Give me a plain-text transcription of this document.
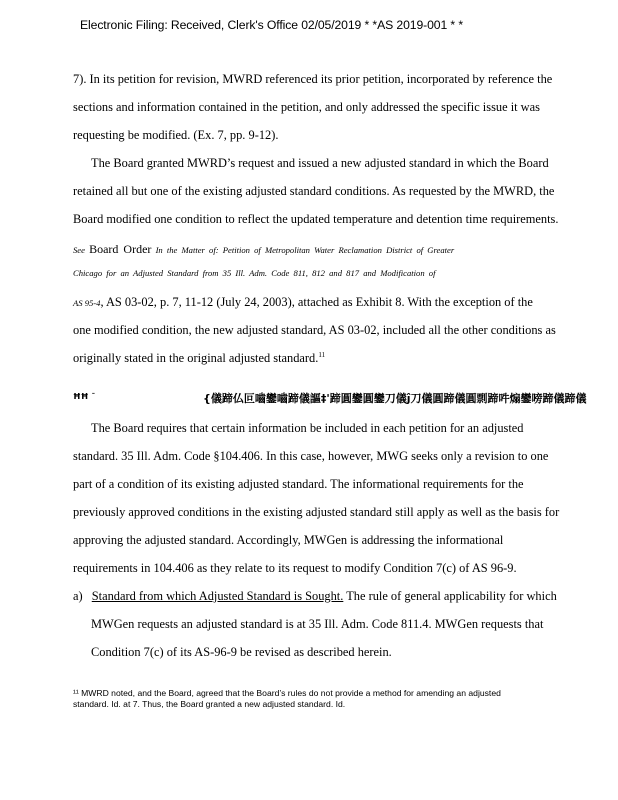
Electronic Filing: Received, Clerk's Office 02/05/2019 * *AS 2019-001 * *
7). In its petition for revision, MWRD referenced its prior petition, incorporated by reference the
sections and information contained in the petition, and only addressed the specific issue it was
requesting be modified. (Ex. 7, pp. 9-12).
The Board granted MWRD’s request and issued a new adjusted standard in which the Board
retained all but one of the existing adjusted standard conditions. As requested by the MWRD, the
Board modified one condition to reflect the updated temperature and detention time requirements.
See Board Order In the Matter of: Petition of Metropolitan Water Reclamation District of Greater
Chicago for an Adjusted Standard from 35 Ill. Adm. Code 811, 812 and 817 and Modification of
AS 95-4, AS 03-02, p. 7, 11-12 (July 24, 2003), attached as Exhibit 8. With the exception of the
one modified condition, the new adjusted standard, AS 03-02, included all the other conditions as
originally stated in the original adjusted standard.$^{11}$
ĦĦ ¯	{儀蹄仏叵嚙鑾嚙蹄儀謳‡'蹄圓鑾圓鑾刀儀ĵ刀儀圓蹄儀圓剽蹄吽煽鑾嗙蹄儀蹄儀
The Board requires that certain information be included in each petition for an adjusted
standard. 35 Ill. Adm. Code §104.406. In this case, however, MWG seeks only a revision to one
part of a condition of its existing adjusted standard. The informational requirements for the
previously approved conditions in the existing adjusted standard still apply as well as the basis for
approving the adjusted standard. Accordingly, MWGen is addressing the informational
requirements in 104.406 as they relate to its request to modify Condition 7(c) of AS 96-9.
a) Standard from which Adjusted Standard is Sought. The rule of general applicability for which
MWGen requests an adjusted standard is at 35 Ill. Adm. Code 811.4. MWGen requests that
Condition 7(c) of its AS-96-9 be revised as described herein.
¹¹ MWRD noted, and the Board, agreed that the Board’s rules do not provide a method for amending an adjusted
standard. Id. at 7. Thus, the Board granted a new adjusted standard. Id.
